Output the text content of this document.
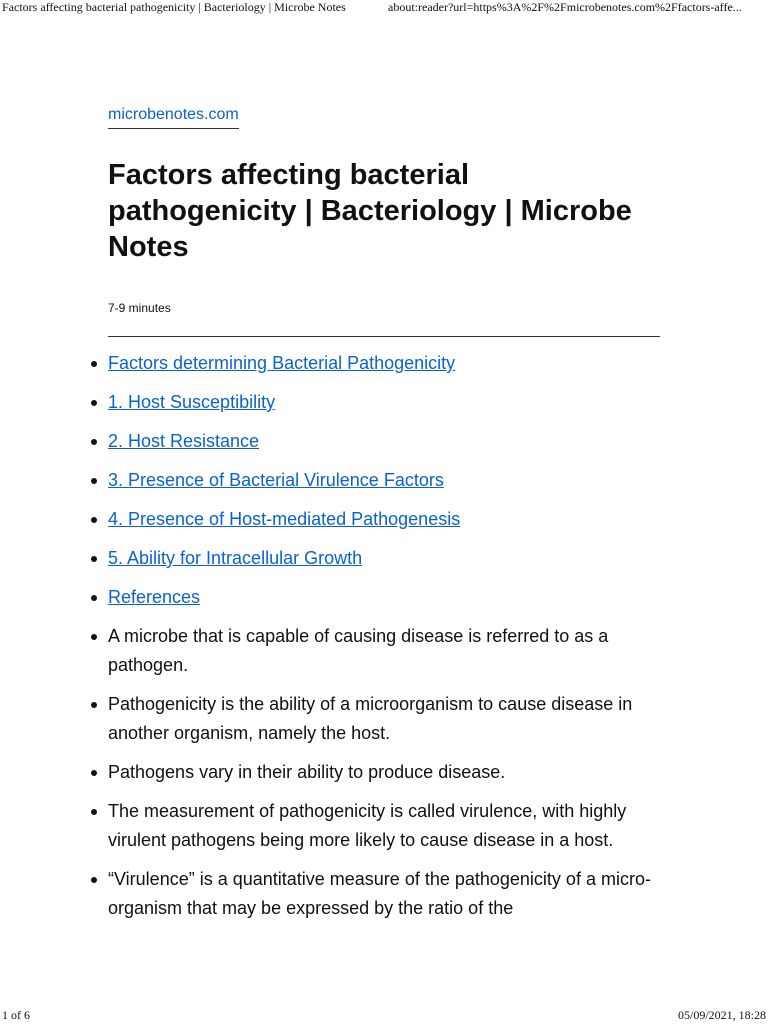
Factors affecting bacterial pathogenicity | Bacteriology | Microbe Notes	about:reader?url=https%3A%2F%2Fmicrobenotes.com%2Ffactors-affe...
microbenotes.com
Factors affecting bacterial pathogenicity | Bacteriology | Microbe Notes
7-9 minutes
Factors determining Bacterial Pathogenicity
1. Host Susceptibility
2. Host Resistance
3. Presence of Bacterial Virulence Factors
4. Presence of Host-mediated Pathogenesis
5. Ability for Intracellular Growth
References
A microbe that is capable of causing disease is referred to as a pathogen.
Pathogenicity is the ability of a microorganism to cause disease in another organism, namely the host.
Pathogens vary in their ability to produce disease.
The measurement of pathogenicity is called virulence, with highly virulent pathogens being more likely to cause disease in a host.
“Virulence” is a quantitative measure of the pathogenicity of a micro-organism that may be expressed by the ratio of the
1 of 6	05/09/2021, 18:28
